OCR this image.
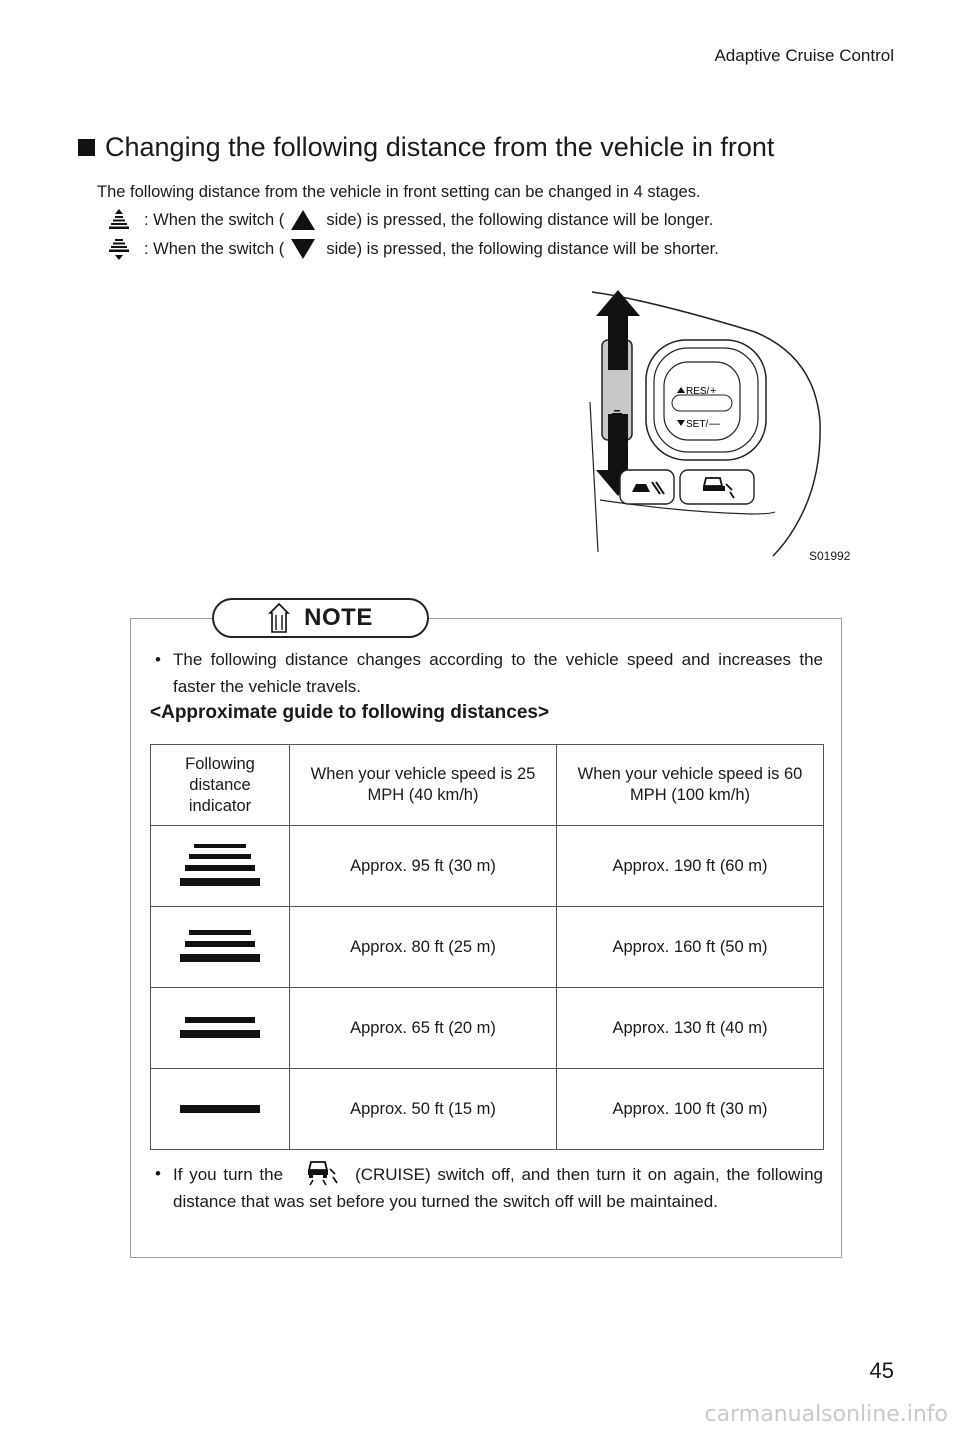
Adaptive Cruise Control
Changing the following distance from the vehicle in front
The following distance from the vehicle in front setting can be changed in 4 stages.
: When the switch (	side) is pressed, the following distance will be longer.
: When the switch (	side) is pressed, the following distance will be shorter.
RES/ +
SET/ —
S01992
NOTE
• The following distance changes according to the vehicle speed and increases the faster the vehicle travels.
<Approximate guide to following distances>
Following distance indicator	When your vehicle speed is 25 MPH (40 km/h)	When your vehicle speed is 60 MPH (100 km/h)

	Approx. 95 ft (30 m)	Approx. 190 ft (60 m)
	Approx. 80 ft (25 m)	Approx. 160 ft (50 m)
	Approx. 65 ft (20 m)	Approx. 130 ft (40 m)
	Approx. 50 ft (15 m)	Approx. 100 ft (30 m)
• If you turn the	(CRUISE) switch off, and then turn it on again, the following distance that was set before you turned the switch off will be maintained.
45
carmanualsonline.info
